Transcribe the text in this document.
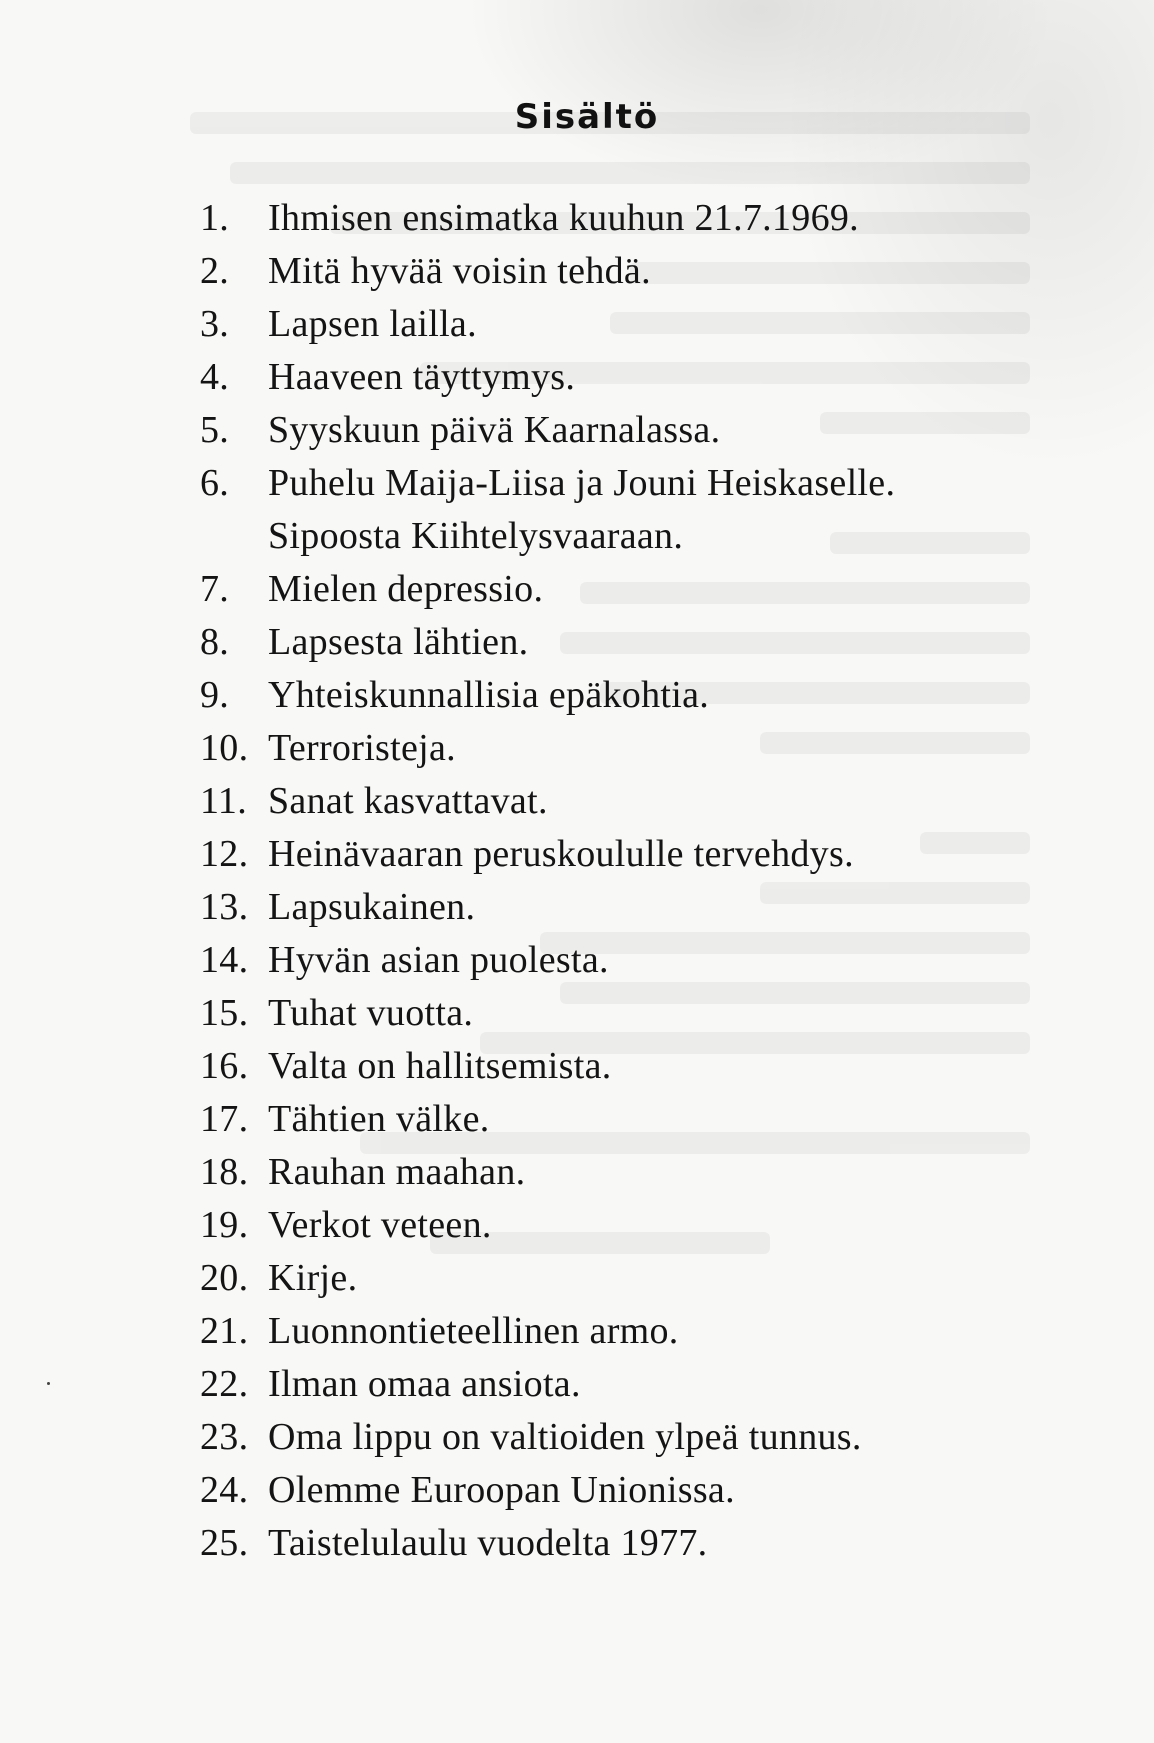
Sisältö
1.	Ihmisen ensimatka kuuhun 21.7.1969.
2.	Mitä hyvää voisin tehdä.
3.	Lapsen lailla.
4.	Haaveen täyttymys.
5.	Syyskuun päivä Kaarnalassa.
6.	Puhelu Maija-Liisa ja Jouni Heiskaselle.
Sipoosta Kiihtelysvaaraan.
7.	Mielen depressio.
8.	Lapsesta lähtien.
9.	Yhteiskunnallisia epäkohtia.
10. Terroristeja.
11. Sanat kasvattavat.
12. Heinävaaran peruskoululle tervehdys.
13. Lapsukainen.
14. Hyvän asian puolesta.
15. Tuhat vuotta.
16. Valta on hallitsemista.
17. Tähtien välke.
18. Rauhan maahan.
19. Verkot veteen.
20. Kirje.
21. Luonnontieteellinen armo.
22. Ilman omaa ansiota.
23. Oma lippu on valtioiden ylpeä tunnus.
24. Olemme Euroopan Unionissa.
25. Taistelulaulu vuodelta 1977.
